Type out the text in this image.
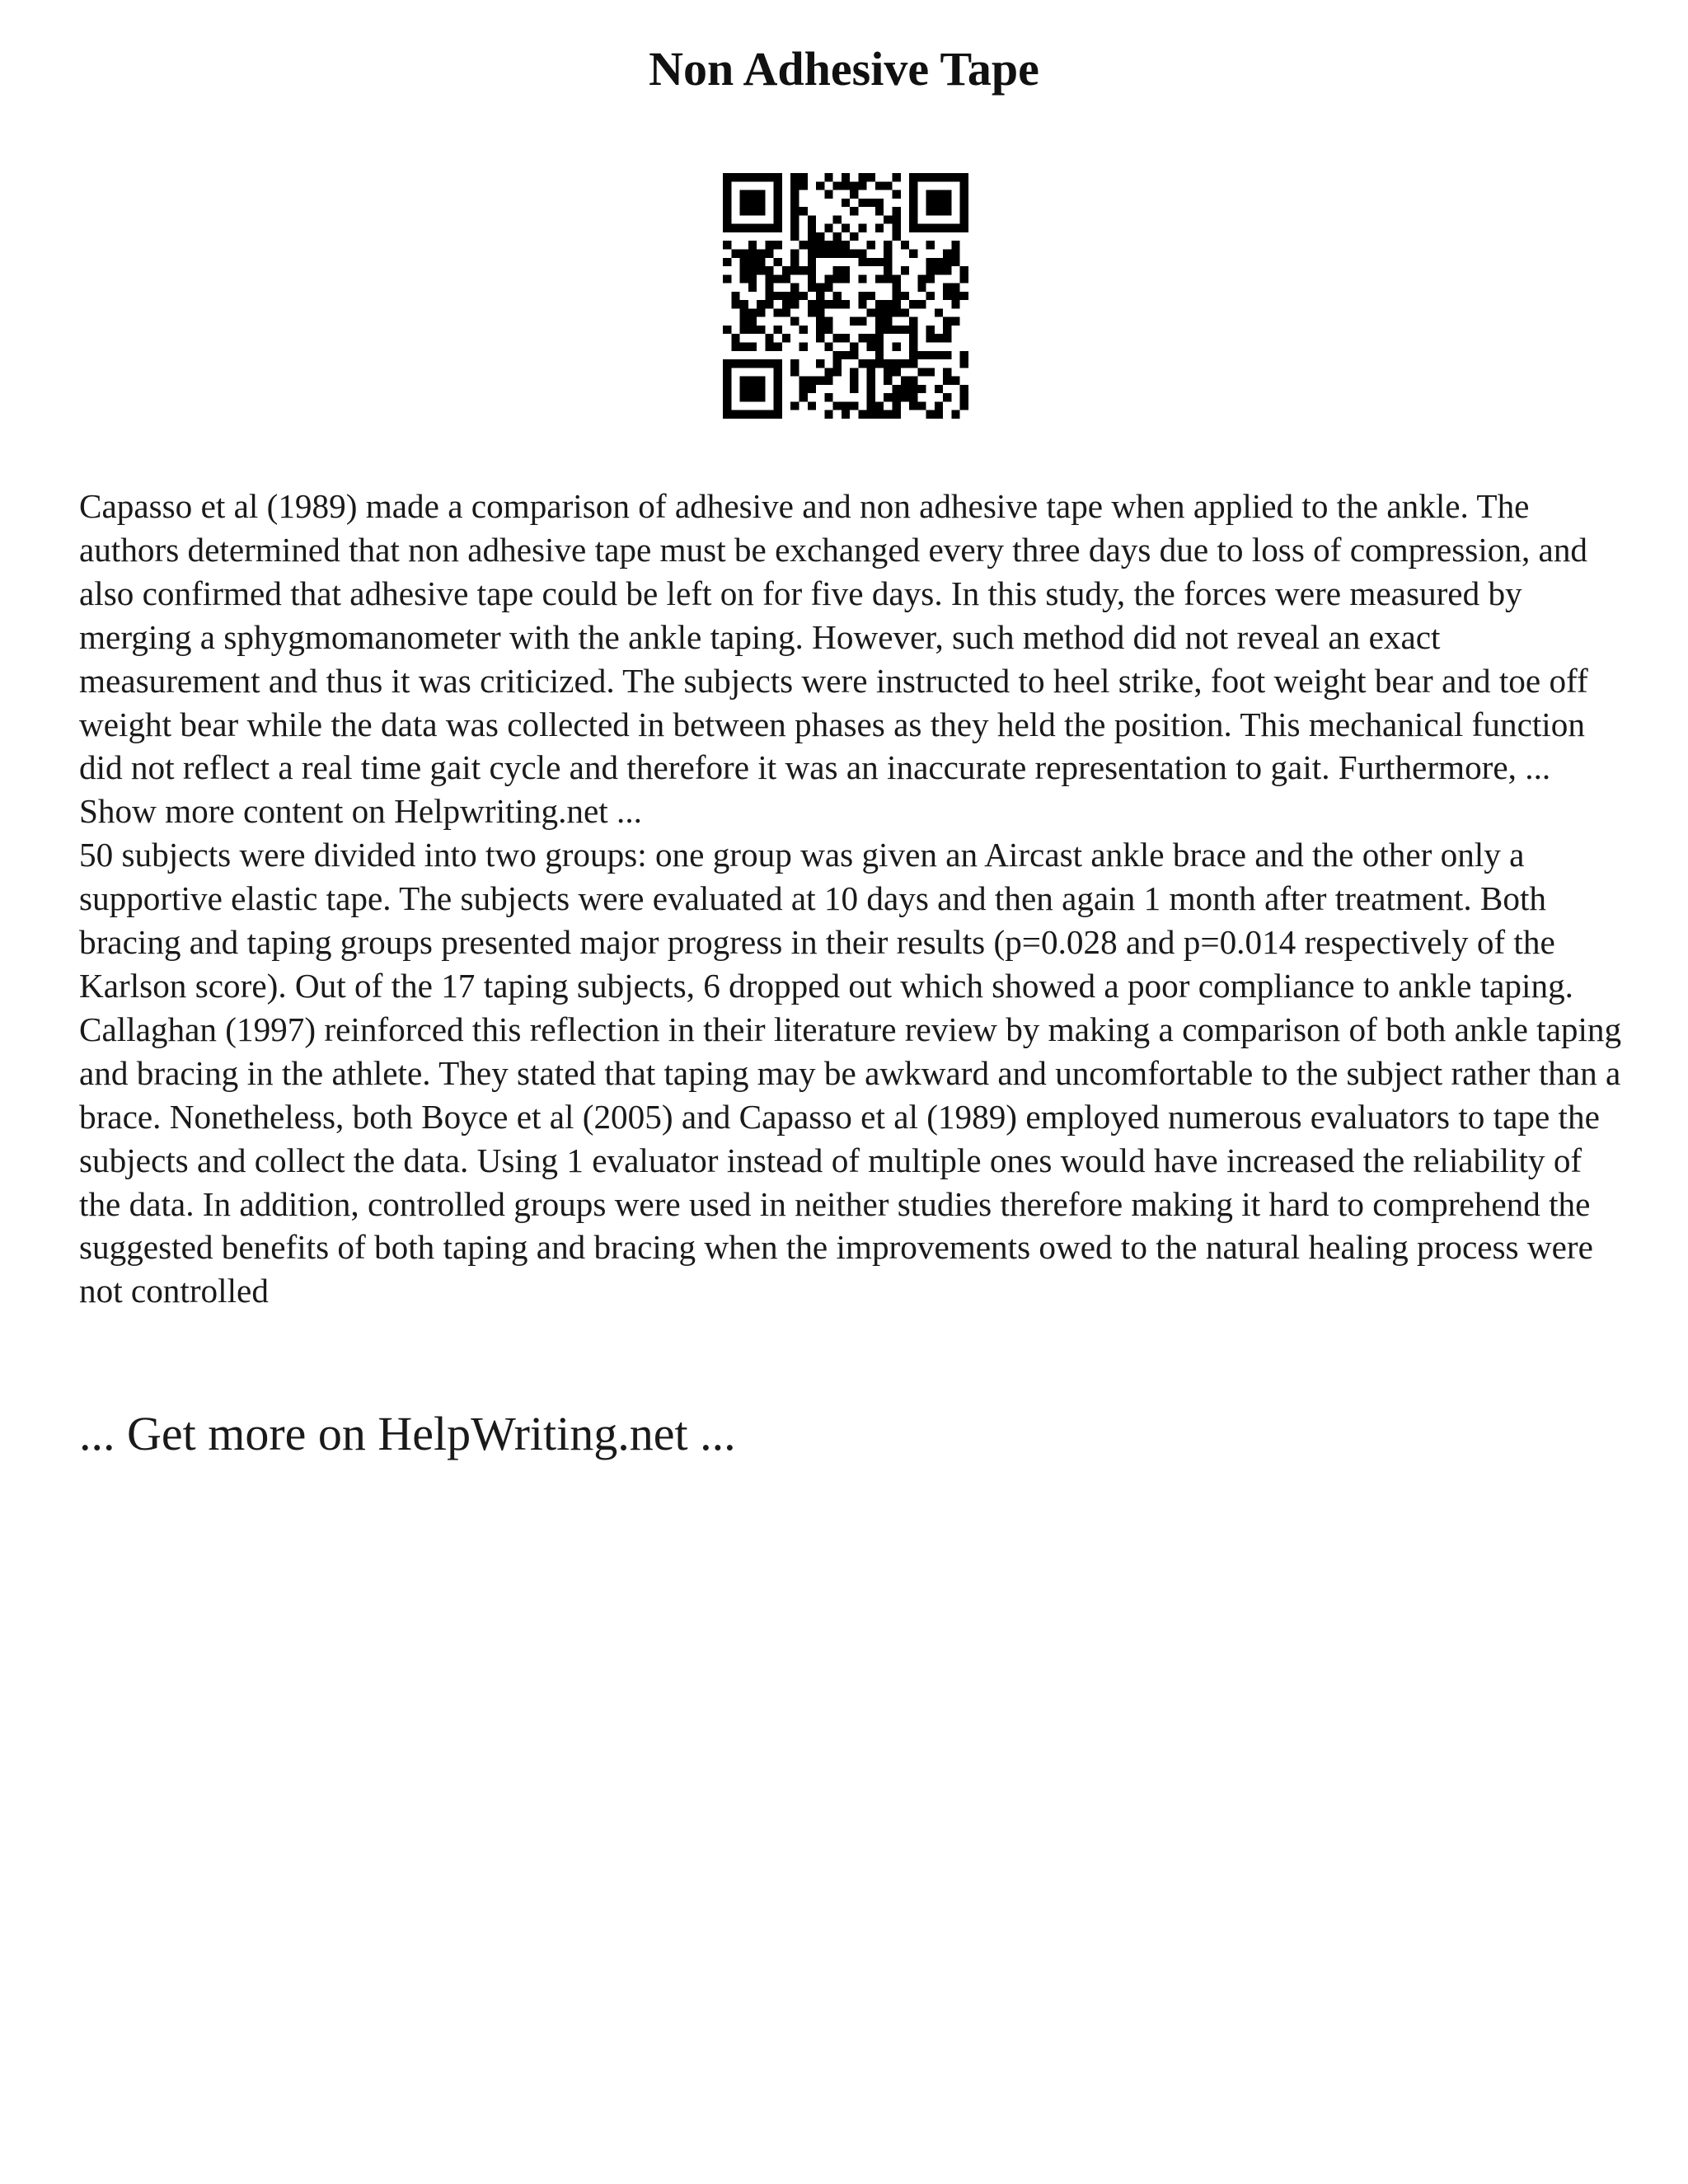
Non Adhesive Tape

Capasso et al (1989) made a comparison of adhesive and non adhesive tape when applied to the ankle. The authors determined that non adhesive tape must be exchanged every three days due to loss of compression, and also confirmed that adhesive tape could be left on for five days. In this study, the forces were measured by merging a sphygmomanometer with the ankle taping. However, such method did not reveal an exact measurement and thus it was criticized. The subjects were instructed to heel strike, foot weight bear and toe off weight bear while the data was collected in between phases as they held the position. This mechanical function did not reflect a real time gait cycle and therefore it was an inaccurate representation to gait. Furthermore, ... Show more content on Helpwriting.net ...

50 subjects were divided into two groups: one group was given an Aircast ankle brace and the other only a supportive elastic tape. The subjects were evaluated at 10 days and then again 1 month after treatment. Both bracing and taping groups presented major progress in their results (p=0.028 and p=0.014 respectively of the Karlson score). Out of the 17 taping subjects, 6 dropped out which showed a poor compliance to ankle taping. Callaghan (1997) reinforced this reflection in their literature review by making a comparison of both ankle taping and bracing in the athlete. They stated that taping may be awkward and uncomfortable to the subject rather than a brace. Nonetheless, both Boyce et al (2005) and Capasso et al (1989) employed numerous evaluators to tape the subjects and collect the data. Using 1 evaluator instead of multiple ones would have increased the reliability of the data. In addition, controlled groups were used in neither studies therefore making it hard to comprehend the suggested benefits of both taping and bracing when the improvements owed to the natural healing process were not controlled

... Get more on HelpWriting.net ...
